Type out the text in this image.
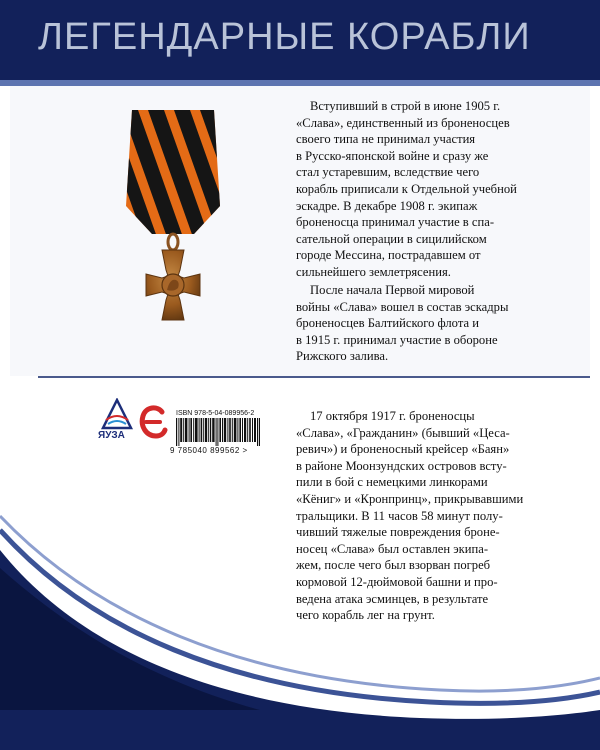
ЛЕГЕНДАРНЫЕ КОРАБЛИ
Вступивший в строй в июне 1905 г.
«Слава», единственный из броненосцев
своего типа не принимал участия
в Русско-японской войне и сразу же
стал устаревшим, вследствие чего
корабль приписали к Отдельной учебной
эскадре. В декабре 1908 г. экипаж
броненосца принимал участие в спа-
сательной операции в сицилийском
городе Мессина, пострадавшем от
сильнейшего землетрясения.
После начала Первой мировой
войны «Слава» вошел в состав эскадры
броненосцев Балтийского флота и
в 1915 г. принимал участие в обороне
Рижского залива.
ЯУЗА
ISBN 978-5-04-089956-2
9 785040 899562 >
17 октября 1917 г. броненосцы
«Слава», «Гражданин» (бывший «Цеса-
ревич») и броненосный крейсер «Баян»
в районе Моонзундских островов всту-
пили в бой с немецкими линкорами
«Кёниг» и «Кронпринц», прикрывавшими
тральщики. В 11 часов 58 минут полу-
чивший тяжелые повреждения броне-
носец «Слава» был оставлен экипа-
жем, после чего был взорван погреб
кормовой 12-дюймовой башни и про-
ведена атака эсминцев, в результате
чего корабль лег на грунт.
